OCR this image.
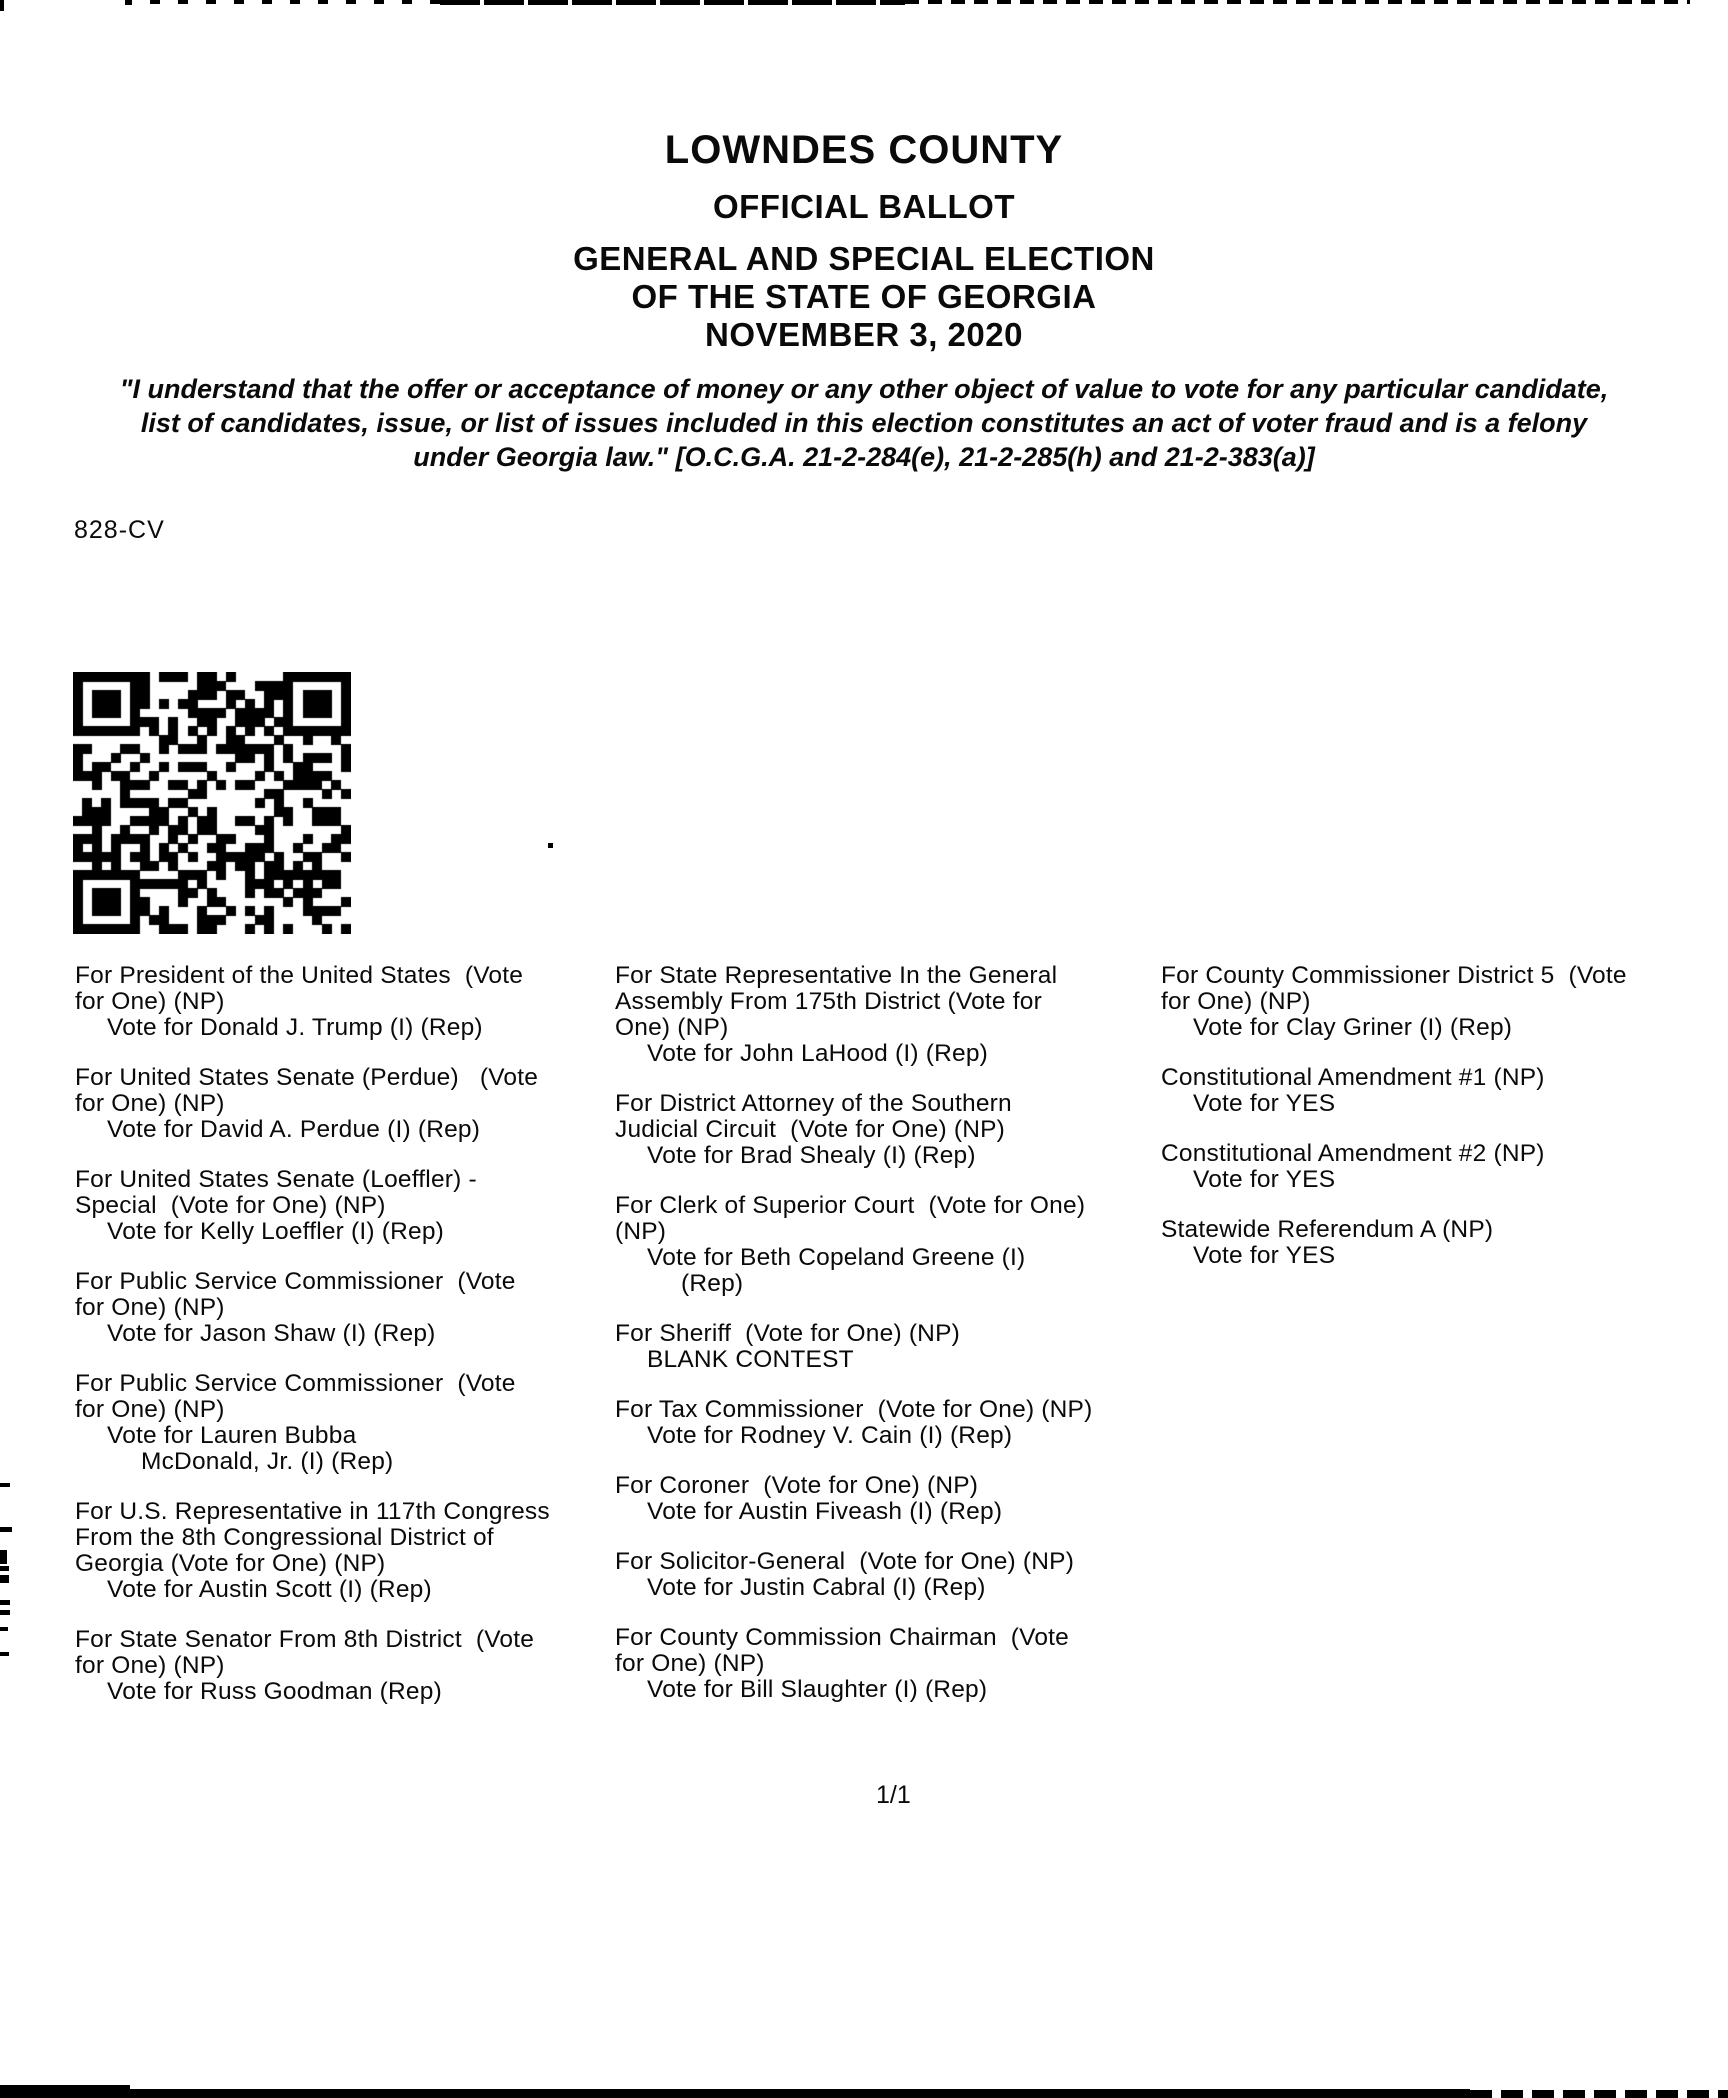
LOWNDES COUNTY
OFFICIAL BALLOT
GENERAL AND SPECIAL ELECTION
OF THE STATE OF GEORGIA
NOVEMBER 3, 2020
"I understand that the offer or acceptance of money or any other object of value to vote for any particular candidate,
list of candidates, issue, or list of issues included in this election constitutes an act of voter fraud and is a felony
under Georgia law." [O.C.G.A. 21-2-284(e), 21-2-285(h) and 21-2-383(a)]
828-CV
For President of the United States  (Vote
for One) (NP)
Vote for Donald J. Trump (I) (Rep)
For United States Senate (Perdue)   (Vote
for One) (NP)
Vote for David A. Perdue (I) (Rep)
For United States Senate (Loeffler) -
Special  (Vote for One) (NP)
Vote for Kelly Loeffler (I) (Rep)
For Public Service Commissioner  (Vote
for One) (NP)
Vote for Jason Shaw (I) (Rep)
For Public Service Commissioner  (Vote
for One) (NP)
Vote for Lauren Bubba
McDonald, Jr. (I) (Rep)
For U.S. Representative in 117th Congress
From the 8th Congressional District of
Georgia (Vote for One) (NP)
Vote for Austin Scott (I) (Rep)
For State Senator From 8th District  (Vote
for One) (NP)
Vote for Russ Goodman (Rep)
For State Representative In the General
Assembly From 175th District (Vote for
One) (NP)
Vote for John LaHood (I) (Rep)
For District Attorney of the Southern
Judicial Circuit  (Vote for One) (NP)
Vote for Brad Shealy (I) (Rep)
For Clerk of Superior Court  (Vote for One)
(NP)
Vote for Beth Copeland Greene (I)
(Rep)
For Sheriff  (Vote for One) (NP)
BLANK CONTEST
For Tax Commissioner  (Vote for One) (NP)
Vote for Rodney V. Cain (I) (Rep)
For Coroner  (Vote for One) (NP)
Vote for Austin Fiveash (I) (Rep)
For Solicitor-General  (Vote for One) (NP)
Vote for Justin Cabral (I) (Rep)
For County Commission Chairman  (Vote
for One) (NP)
Vote for Bill Slaughter (I) (Rep)
For County Commissioner District 5  (Vote
for One) (NP)
Vote for Clay Griner (I) (Rep)
Constitutional Amendment #1 (NP)
Vote for YES
Constitutional Amendment #2 (NP)
Vote for YES
Statewide Referendum A (NP)
Vote for YES
1/1
